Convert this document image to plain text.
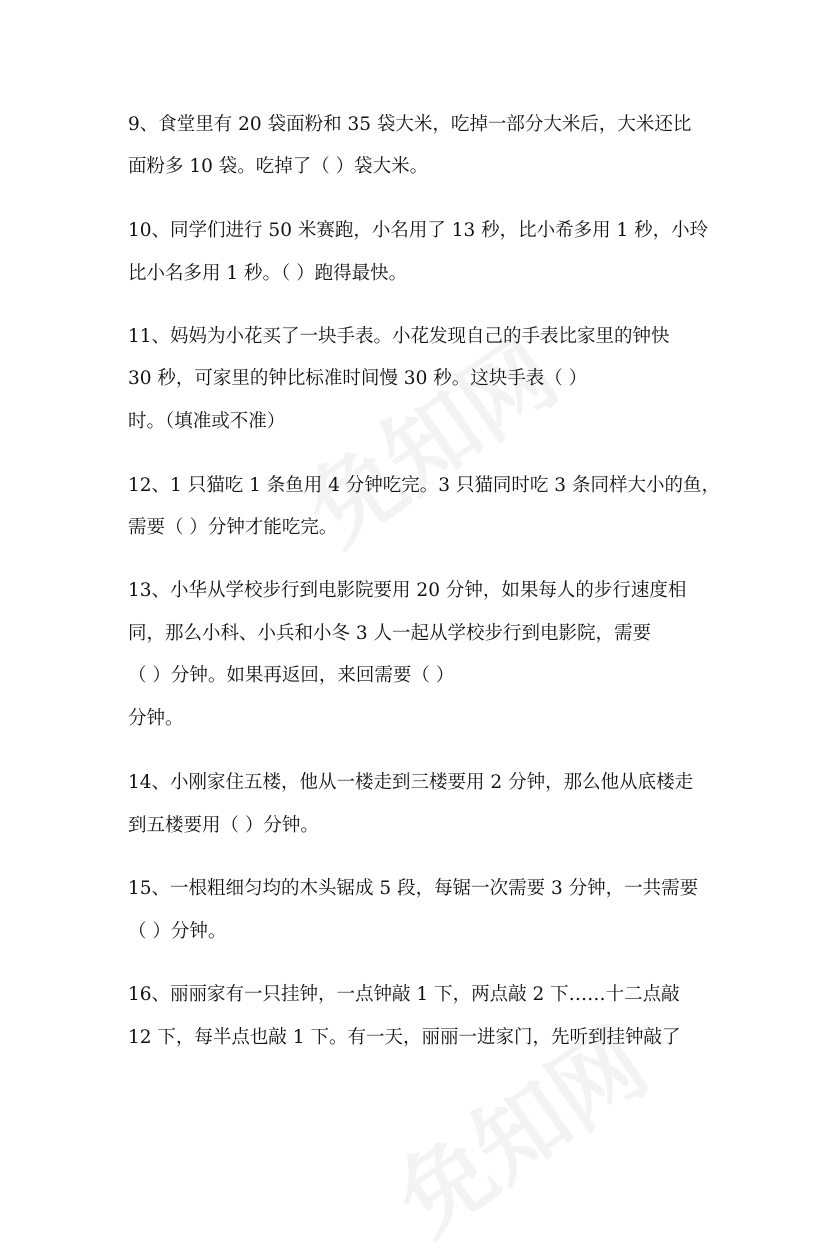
9、食堂里有 20 袋面粉和 35 袋大米，吃掉一部分大米后，大米还比
面粉多 10 袋。吃掉了（ ）袋大米。
10、同学们进行 50 米赛跑，小名用了 13 秒，比小希多用 1 秒，小玲
比小名多用 1 秒。（ ）跑得最快。
11、妈妈为小花买了一块手表。小花发现自己的手表比家里的钟快
30 秒，可家里的钟比标准时间慢 30 秒。这块手表（ ）
时。（填准或不准）
12、1 只猫吃 1 条鱼用 4 分钟吃完。3 只猫同时吃 3 条同样大小的鱼，
需要（ ）分钟才能吃完。
13、小华从学校步行到电影院要用 20 分钟，如果每人的步行速度相
同，那么小科、小兵和小冬 3 人一起从学校步行到电影院，需要
（ ）分钟。如果再返回，来回需要（ ）
分钟。
14、小刚家住五楼，他从一楼走到三楼要用 2 分钟，那么他从底楼走
到五楼要用（ ）分钟。
15、一根粗细匀均的木头锯成 5 段，每锯一次需要 3 分钟，一共需要
（ ）分钟。
16、丽丽家有一只挂钟，一点钟敲 1 下，两点敲 2 下……十二点敲
12 下，每半点也敲 1 下。有一天，丽丽一进家门，先听到挂钟敲了
